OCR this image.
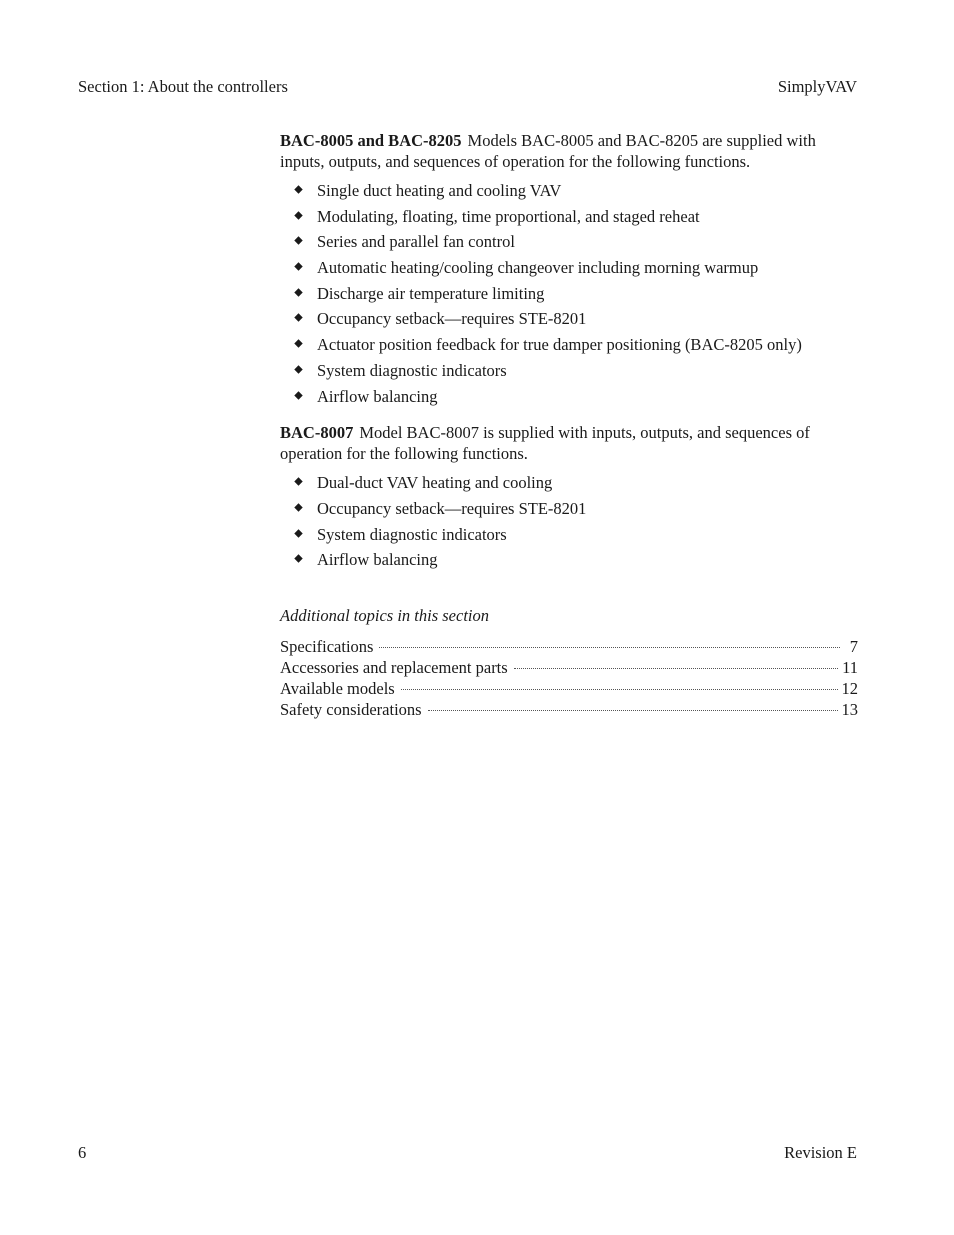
Section 1: About the controllers	SimplyVAV

BAC-8005 and BAC-8205 Models BAC-8005 and BAC-8205 are supplied with inputs, outputs, and sequences of operation for the following functions.

Single duct heating and cooling VAV
Modulating, floating, time proportional, and staged reheat
Series and parallel fan control
Automatic heating/cooling changeover including morning warmup
Discharge air temperature limiting
Occupancy setback—requires STE-8201
Actuator position feedback for true damper positioning (BAC-8205 only)
System diagnostic indicators
Airflow balancing

BAC-8007 Model BAC-8007 is supplied with inputs, outputs, and sequences of operation for the following functions.

Dual-duct VAV heating and cooling
Occupancy setback—requires STE-8201
System diagnostic indicators
Airflow balancing
Additional topics in this section
Specifications	7
Accessories and replacement parts	11
Available models	12
Safety considerations	13
6	Revision E
